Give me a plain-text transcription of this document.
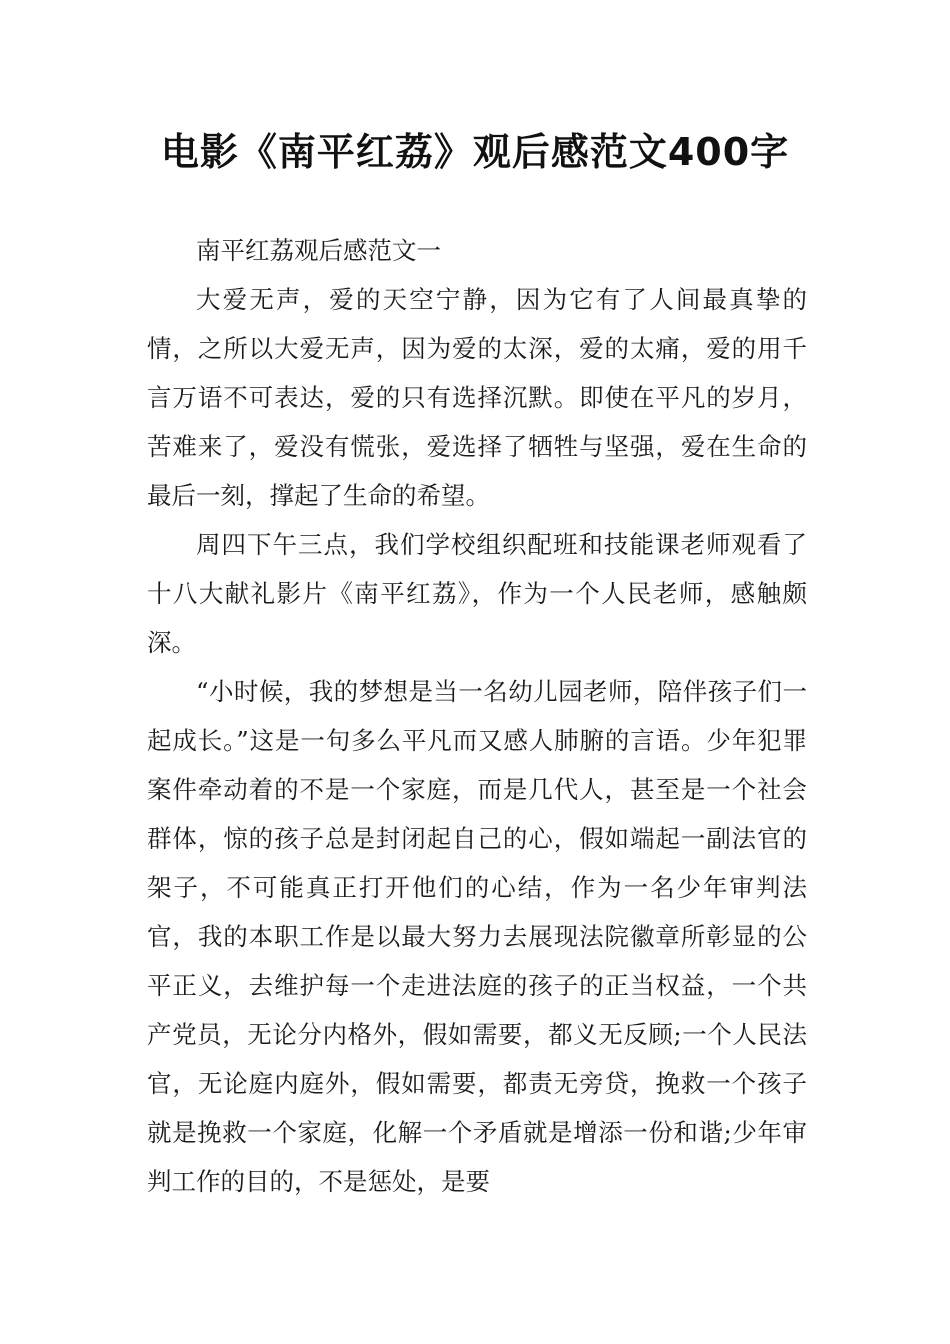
电影《南平红荔》观后感范文400字

南平红荔观后感范文一

大爱无声，爱的天空宁静，因为它有了人间最真挚的情，之所以大爱无声，因为爱的太深，爱的太痛，爱的用千言万语不可表达，爱的只有选择沉默。即使在平凡的岁月，苦难来了，爱没有慌张，爱选择了牺牲与坚强，爱在生命的最后一刻，撑起了生命的希望。

周四下午三点，我们学校组织配班和技能课老师观看了十八大献礼影片《南平红荔》，作为一个人民老师，感触颇深。

“小时候，我的梦想是当一名幼儿园老师，陪伴孩子们一起成长。”这是一句多么平凡而又感人肺腑的言语。少年犯罪案件牵动着的不是一个家庭，而是几代人，甚至是一个社会群体，惊的孩子总是封闭起自己的心，假如端起一副法官的架子，不可能真正打开他们的心结，作为一名少年审判法官，我的本职工作是以最大努力去展现法院徽章所彰显的公平正义，去维护每一个走进法庭的孩子的正当权益，一个共产党员，无论分内格外，假如需要，都义无反顾;一个人民法官，无论庭内庭外，假如需要，都责无旁贷，挽救一个孩子就是挽救一个家庭，化解一个矛盾就是增添一份和谐;少年审判工作的目的，不是惩处，是要
